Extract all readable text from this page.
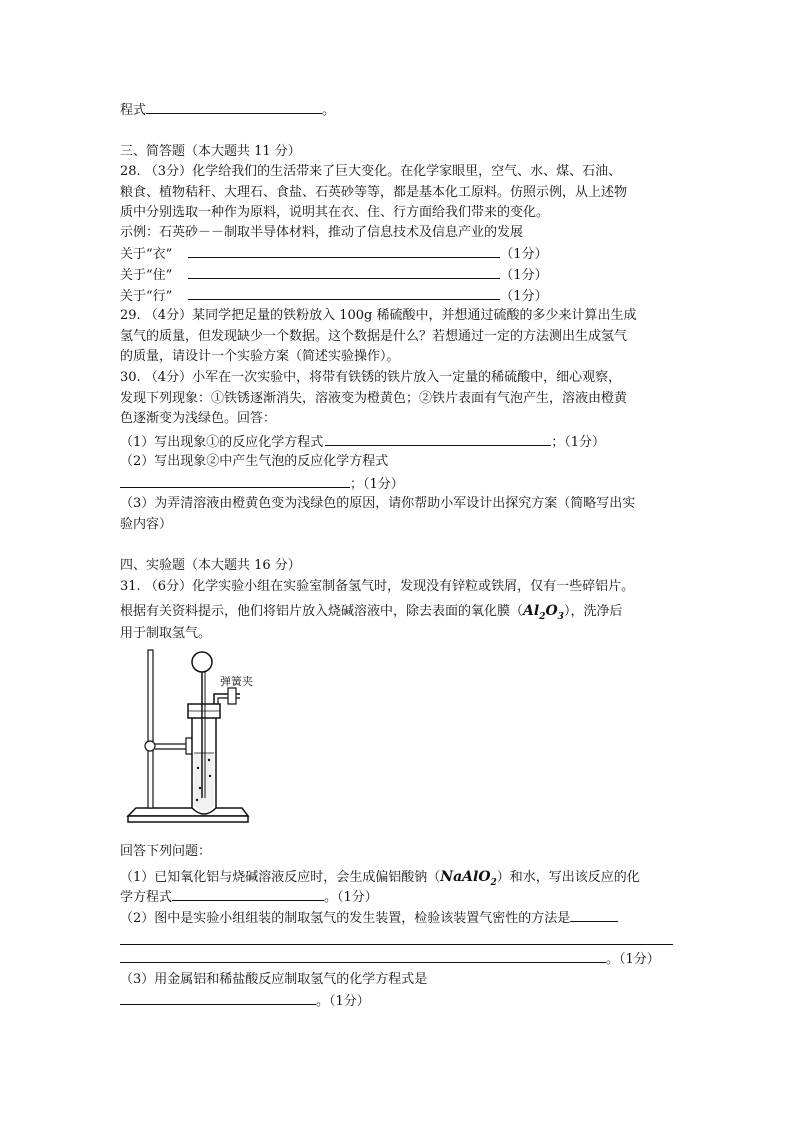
程式	。
三、简答题（本大题共 11 分）
28. （3分）化学给我们的生活带来了巨大变化。在化学家眼里，空气、水、煤、石油、
粮食、植物秸秆、大理石、食盐、石英砂等等，都是基本化工原料。仿照示例，从上述物
质中分别选取一种作为原料，说明其在衣、住、行方面给我们带来的变化。
示例：石英砂－－制取半导体材料，推动了信息技术及信息产业的发展
关于“衣”	（1分）
关于“住”	（1分）
关于“行”	（1分）
29. （4分）某同学把足量的铁粉放入 100g 稀硫酸中，并想通过硫酸的多少来计算出生成
氢气的质量，但发现缺少一个数据。这个数据是什么？若想通过一定的方法测出生成氢气
的质量，请设计一个实验方案（简述实验操作）。
30. （4分）小军在一次实验中，将带有铁锈的铁片放入一定量的稀硫酸中，细心观察，
发现下列现象：①铁锈逐渐消失，溶液变为橙黄色；②铁片表面有气泡产生，溶液由橙黄
色逐渐变为浅绿色。回答：
（1）写出现象①的反应化学方程式	；（1分）
（2）写出现象②中产生气泡的反应化学方程式
；（1分）
（3）为弄清溶液由橙黄色变为浅绿色的原因，请你帮助小军设计出探究方案（简略写出实
验内容）
四、实验题（本大题共 16 分）
31. （6分）化学实验小组在实验室制备氢气时，发现没有锌粒或铁屑，仅有一些碎铝片。
根据有关资料提示，他们将铝片放入烧碱溶液中，除去表面的氧化膜$(Al_2O_3)$，洗净后
用于制取氢气。
弹簧夹
回答下列问题：
（1）已知氧化铝与烧碱溶液反应时，会生成偏铝酸钠（NaAlO$_2$）和水，写出该反应的化
学方程式	。（1分）
（2）图中是实验小组组装的制取氢气的发生装置，检验该装置气密性的方法是
。（1分）
（3）用金属铝和稀盐酸反应制取氢气的化学方程式是
。（1分）
